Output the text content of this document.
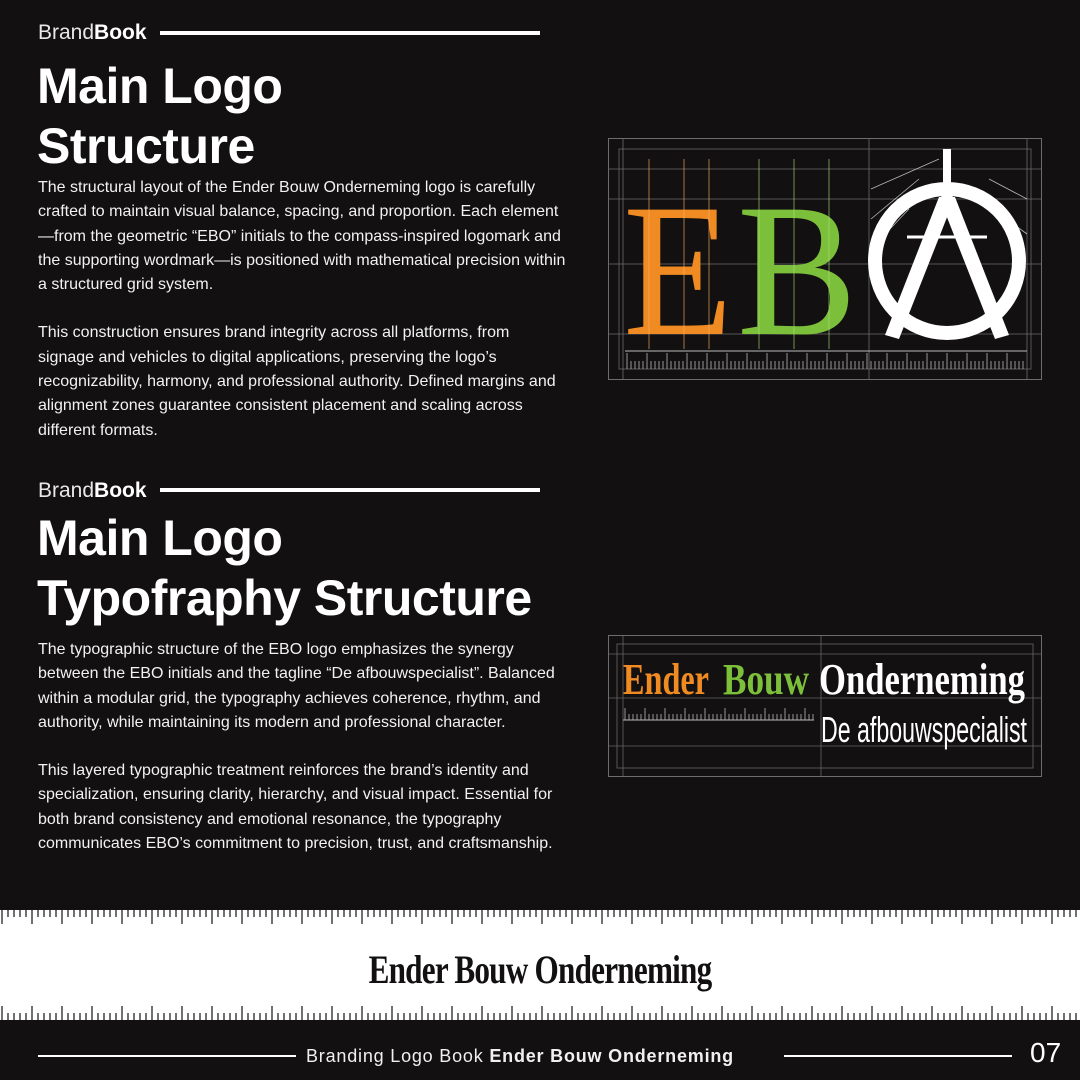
BrandBook
Main Logo
Structure

The structural layout of the Ender Bouw Onderneming logo is carefully crafted to maintain visual balance, spacing, and proportion. Each element—from the geometric “EBO” initials to the compass-inspired logomark and the supporting wordmark—is positioned with mathematical precision within a structured grid system.

This construction ensures brand integrity across all platforms, from signage and vehicles to digital applications, preserving the logo’s recognizability, harmony, and professional authority. Defined margins and alignment zones guarantee consistent placement and scaling across different formats.

E B
BrandBook
Main Logo
Typofraphy Structure

The typographic structure of the EBO logo emphasizes the synergy between the EBO initials and the tagline “De afbouwspecialist”. Balanced within a modular grid, the typography achieves coherence, rhythm, and authority, while maintaining its modern and professional character.

This layered typographic treatment reinforces the brand’s identity and specialization, ensuring clarity, hierarchy, and visual impact. Essential for both brand consistency and emotional resonance, the typography communicates EBO’s commitment to precision, trust, and craftsmanship.

Ender Bouw Onderneming
De afbouwspecialist
Ender Bouw Onderneming
Branding Logo Book Ender Bouw Onderneming	07
